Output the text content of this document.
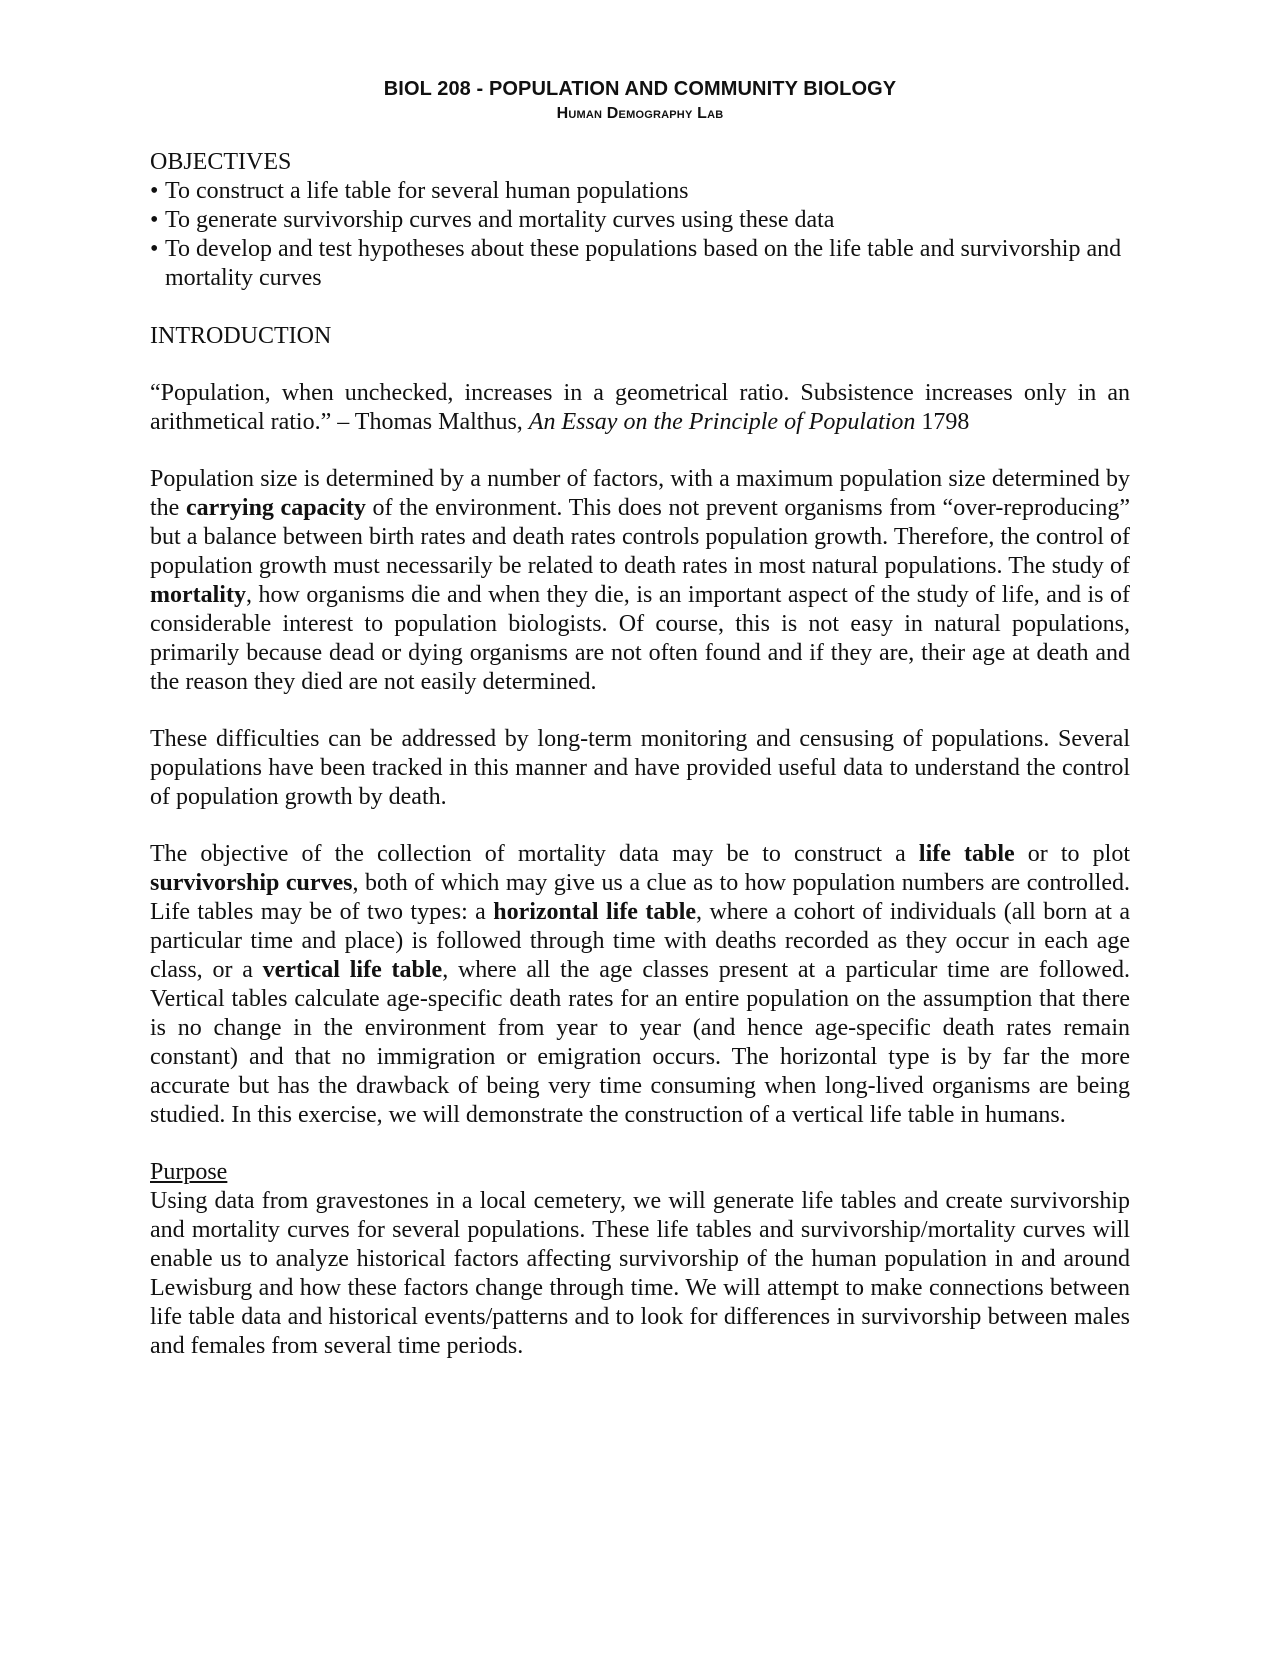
BIOL 208 - POPULATION AND COMMUNITY BIOLOGY
Human Demography Lab
OBJECTIVES
• To construct a life table for several human populations
• To generate survivorship curves and mortality curves using these data
• To develop and test hypotheses about these populations based on the life table and survivorship and mortality curves
INTRODUCTION

“Population, when unchecked, increases in a geometrical ratio. Subsistence increases only in an arithmetical ratio.” – Thomas Malthus, An Essay on the Principle of Population 1798

Population size is determined by a number of factors, with a maximum population size determined by the carrying capacity of the environment. This does not prevent organisms from “over-reproducing” but a balance between birth rates and death rates controls population growth. Therefore, the control of population growth must necessarily be related to death rates in most natural populations. The study of mortality, how organisms die and when they die, is an important aspect of the study of life, and is of considerable interest to population biologists. Of course, this is not easy in natural populations, primarily because dead or dying organisms are not often found and if they are, their age at death and the reason they died are not easily determined.

These difficulties can be addressed by long-term monitoring and censusing of populations. Several populations have been tracked in this manner and have provided useful data to understand the control of population growth by death.

The objective of the collection of mortality data may be to construct a life table or to plot survivorship curves, both of which may give us a clue as to how population numbers are controlled. Life tables may be of two types: a horizontal life table, where a cohort of individuals (all born at a particular time and place) is followed through time with deaths recorded as they occur in each age class, or a vertical life table, where all the age classes present at a particular time are followed. Vertical tables calculate age-specific death rates for an entire population on the assumption that there is no change in the environment from year to year (and hence age-specific death rates remain constant) and that no immigration or emigration occurs. The horizontal type is by far the more accurate but has the drawback of being very time consuming when long-lived organisms are being studied. In this exercise, we will demonstrate the construction of a vertical life table in humans.

Purpose

Using data from gravestones in a local cemetery, we will generate life tables and create survivorship and mortality curves for several populations. These life tables and survivorship/mortality curves will enable us to analyze historical factors affecting survivorship of the human population in and around Lewisburg and how these factors change through time. We will attempt to make connections between life table data and historical events/patterns and to look for differences in survivorship between males and females from several time periods.
